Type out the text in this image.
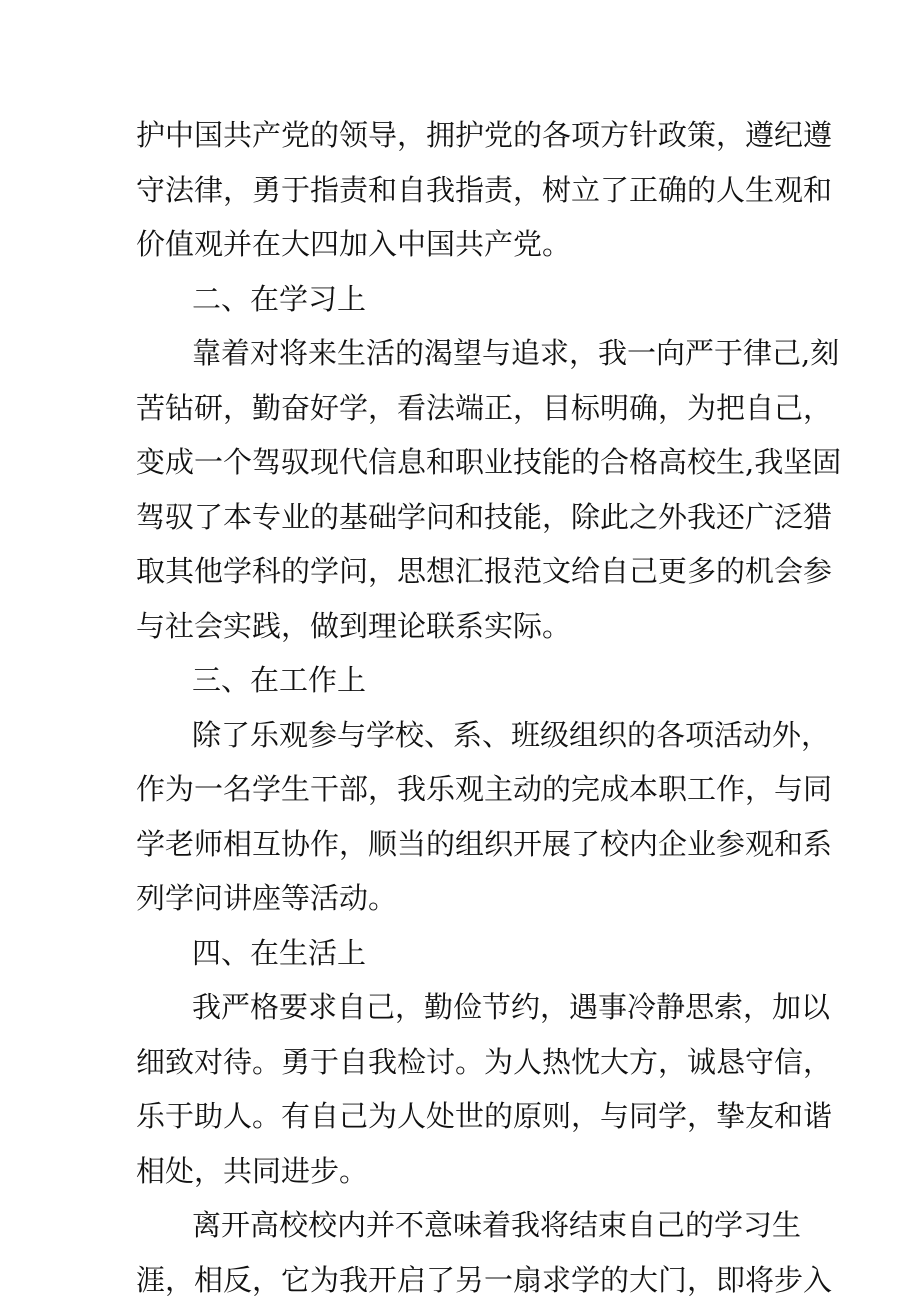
护中国共产党的领导，拥护党的各项方针政策，遵纪遵
守法律，勇于指责和自我指责，树立了正确的人生观和
价值观并在大四加入中国共产党。
二、在学习上
靠着对将来生活的渴望与追求，我一向严于律己,刻
苦钻研，勤奋好学，看法端正，目标明确，为把自己，
变成一个驾驭现代信息和职业技能的合格高校生,我坚固
驾驭了本专业的基础学问和技能，除此之外我还广泛猎
取其他学科的学问，思想汇报范文给自己更多的机会参
与社会实践，做到理论联系实际。
三、在工作上
除了乐观参与学校、系、班级组织的各项活动外，
作为一名学生干部，我乐观主动的完成本职工作，与同
学老师相互协作，顺当的组织开展了校内企业参观和系
列学问讲座等活动。
四、在生活上
我严格要求自己，勤俭节约，遇事冷静思索，加以
细致对待。勇于自我检讨。为人热忱大方，诚恳守信，
乐于助人。有自己为人处世的原则，与同学，挚友和谐
相处，共同进步。
离开高校校内并不意味着我将结束自己的学习生
涯，相反，它为我开启了另一扇求学的大门，即将步入
